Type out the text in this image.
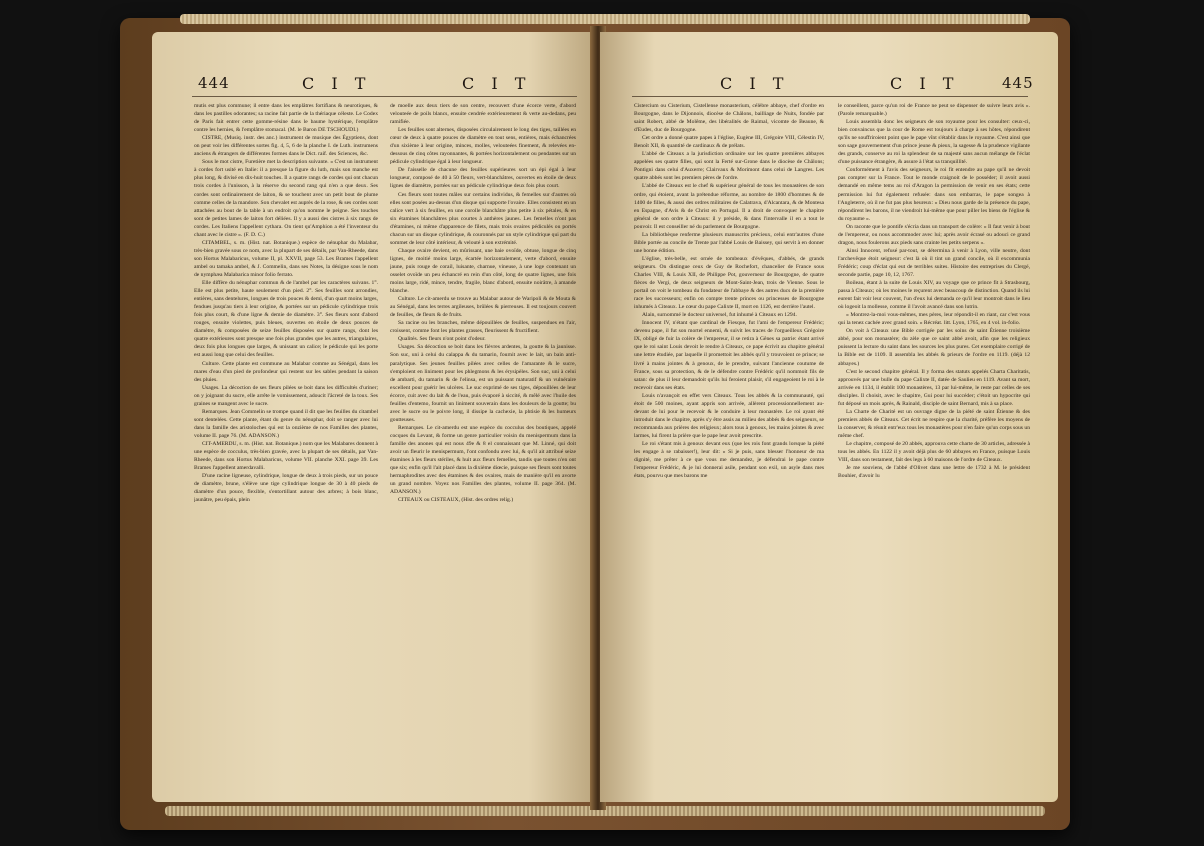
444	C I T	C I T

mutis est plus commune; il entre dans les emplâtres fortifians & neurotiques, & dans les pastilles odorantes; sa racine fait partie de la thériaque céleste. Le Codex de Paris fait entrer cette gomme-résine dans le baume hystérique, l'emplâtre contre les hernies, & l'emplâtre stomacal. (M. le Baron DE TSCHOUDI.)

CISTRE, (Musiq. instr. des anc.) instrument de musique des Égyptiens, dont on peut voir les différentes sortes fig. 4, 5, 6 de la planche I. de Luth. instrumens anciens & étrangers de différentes formes dans le Dict. raif. des Sciences, &c.

Sous le mot cistre, Furetière met la description suivante. « C'est un instrument à cordes fort usité en Italie: il a presque la figure du luth, mais son manche est plus long, & divisé en dix-huit touches. Il a quatre rangs de cordes qui ont chacun trois cordes à l'unisson, à la réserve du second rang qui n'en a que deux. Ses cordes sont ordinairement de laiton, & se touchent avec un petit bout de plume comme celles de la mandore. Son chevalet est auprès de la rose, & ses cordes sont attachées au bout de la table à un endroit qu'on nomme le peigne. Ses touches sont de petites lames de laiton fort déliées. Il y a aussi des cistres à six rangs de cordes. Les Italiens l'appellent cythara. On tient qu'Amphion a été l'inventeur du chant avec le cistre ». (F. D. C.)

CITAMBEL, s. m. (Hist. nat. Botanique.) espèce de nénuphar du Malabar, très-bien gravée sous ce nom, avec la plupart de ses détails, par Van-Rheede, dans son Hortus Malabaricus, volume II, pl. XXVII, page 53. Les Brames l'appellent ambel ou tamaka ambel, & J. Commelin, dans ses Notes, la désigne sous le nom de nymphæa Malabarica minor folio ferrato.

Elle diffère du nénuphar commun & de l'ambel par les caractères suivans. 1°. Elle est plus petite, haute seulement d'un pied. 2°. Ses feuilles sont arrondies, entières, sans dentelures, longues de trois pouces & demi, d'un quart moins larges, fendues jusqu'au tiers à leur origine, & portées sur un pédicule cylindrique trois fois plus court, & d'une ligne & demie de diamètre. 3°. Ses fleurs sont d'abord rouges, ensuite violettes, puis bleues, ouvertes en étoile de deux pouces de diamètre, & composées de seize feuilles disposées sur quatre rangs, dont les quatre extérieures sont presque une fois plus grandes que les autres, triangulaires, deux fois plus longues que larges, & unissant un calice; le pédicule qui les porte est aussi long que celui des feuilles.

Culture. Cette plante est commune au Malabar comme au Sénégal, dans les mares d'eau d'un pied de profondeur qui restent sur les sables pendant la saison des pluies.

Usages. La décoction de ses fleurs pilées se boit dans les difficultés d'uriner; on y joignant du sucre, elle arrête le vomissement, adoucit l'âcreté de la toux. Ses graines se mangent avec le sucre.

Remarques. Jean Commelin se trompe quand il dit que les feuilles du citambel sont dentelées. Cette plante, étant du genre du nénuphar, doit se ranger avec lui dans la famille des aristoloches qui est la onzième de nos Familles des plantes, volume II. page 76. (M. ADANSON.)

CIT-AMERDU, s. m. (Hist. nat. Botanique.) nom que les Malabares donnent à une espèce de cocculus, très-bien gravée, avec la plupart de ses détails, par Van-Rheede, dans son Hortus Malabaricus, volume VII. planche XXI. page 39. Les Brames l'appellent amerdavalli.

D'une racine ligneuse, cylindrique, longue de deux à trois pieds, sur un pouce de diamètre, brune, s'élève une tige cylindrique longue de 30 à 40 pieds de diamètre d'un pouce, flexible, s'entortillant autour des arbres; à bois blanc, jaunâtre, peu épais, plein

de moelle aux deux tiers de son centre, recouvert d'une écorce verte, d'abord velouteée de poils blancs, ensuite cendrée extérieurement & verte au-dedans, peu ramifiée.

Les feuilles sont alternes, disposées circulairement le long des tiges, taillées en cœur de deux à quatre pouces de diamètre en tout sens, entières, mais échancrées d'un sixième à leur origine, minces, molles, velouteées finement, & relevées en-dessous de cinq côtes rayonnantes, & portées horizontalement ou pendantes sur un pédicule cylindrique égal à leur longueur.

De l'aisselle de chacune des feuilles supérieures sort un épi égal à leur longueur, composé de 40 à 50 fleurs, vert-blanchâtres, ouvertes en étoile de deux lignes de diamètre, portées sur un pédicule cylindrique deux fois plus court.

Ces fleurs sont toutes mâles sur certains individus, & femelles sur d'autres où elles sont posées au-dessus d'un disque qui supporte l'ovaire. Elles consistent en un calice vert à six feuilles, en une corolle blanchâtre plus petite à six pétales, & en six étamines blanchâtres plus courtes à anthères jaunes. Les femelles n'ont pas d'étamines, ni même d'apparence de filets, mais trois ovaires pédiculés ou portés chacun sur un disque cylindrique, & couronnés par un style cylindrique qui part du sommet de leur côté intérieur, & velouté à son extrémité.

Chaque ovaire devient, en mûrissant, une baie ovoïde, obtuse, longue de cinq lignes, de moitié moins large, écartée horizontalement, verte d'abord, ensuite jaune, puis rouge de corail, luisante, charnue, vineuse, à une loge contenant un osselet ovoïde un peu échancré en rein d'un côté, long de quatre lignes, une fois moins large, ridé, mince, tendre, fragile, blanc d'abord, ensuite noirâtre, à amande blanche.

Culture. Le cit-amerdu se trouve au Malabar autour de Waripoli & de Mouta & au Sénégal, dans les terres argileuses, brûlées & pierreuses. Il est toujours couvert de feuilles, de fleurs & de fruits.

Sa racine ou les branches, même dépouillées de feuilles, suspendues en l'air, croissent, comme font les plantes grasses, fleurissent & fructifient.

Qualités. Ses fleurs n'ont point d'odeur.

Usages. Sa décoction se boit dans les fièvres ardentes, la goutte & la jaunisse. Son suc, uni à celui du calappa & du tamarin, fournit avec le lait, un bain anti-paralytique. Ses jeunes feuilles pilées avec celles de l'amarante & le sucre, s'emploient en liniment pour les phlegmons & les érysipèles. Son suc, uni à celui de ambarti, du tamarin & de l'elinsa, est un puissant maturatif & un vulnéraire excellent pour guérir les ulcères. Le suc exprimé de ses tiges, dépouillées de leur écorce, cuit avec du lait & de l'eau, puis évaporé à siccité, & mêlé avec l'huile des feuilles d'entemo, fournit un liniment souverain dans les douleurs de la goutte; bu avec le sucre ou le poivre long, il dissipe la cachexie, la phtisie & les humeurs goutteuses.

Remarques. Le cit-amerdu est une espèce du cocculus des boutiques, appelé cocques du Levant, & forme un genre particulier voisin du menispermum dans la famille des anones qui est nous 49e & 8 el connaissant que M. Linné, qui doit avoir un fleurir le menispermum, l'ont confondu avec lui, & qu'il ait attribué seize étamines à les fleurs stériles, & huit aux fleurs femelles, tandis que toutes n'en ont que six; enfin qu'il l'ait placé dans la dixième diœcie, puisque ses fleurs sont toutes hermaphrodites avec des étamines & des ovaires, mais de manière qu'il en avorte un grand nombre. Voyez nos Familles des plantes, volume II. page 364. (M. ADANSON.)

CITEAUX ou CISTEAUX, (Hist. des ordres relig.)

C I T	C I T	445

Cistercium ou Cisterium, Cistellense monasterium, célèbre abbaye, chef d'ordre en Bourgogne, dans le Dijonnois, diocèse de Châlons, bailliage de Nuits, fondée par saint Robert, abbé de Molême, des libéralités de Raimal, vicomte de Beaune, & d'Eudes, duc de Bourgogne.

Cet ordre a donné quatre papes à l'église, Eugène III, Grégoire VIII, Célestin IV, Benoît XII, & quantité de cardinaux & de prélats.

L'abbé de Citeaux a la jurisdiction ordinaire sur les quatre premières abbayes appelées ses quatre filles, qui sont la Ferté sur-Grone dans le diocèse de Châlons; Pontigni dans celui d'Auxerre; Clairvaux & Morimont dans celui de Langres. Les quatre abbés sont les premiers pères de l'ordre.

L'abbé de Citeaux est le chef & supérieur général de tous les monastères de son ordre, qui étoient, avant la prétendue réforme, au nombre de 1800 d'hommes & de 1400 de filles, & aussi des ordres militaires de Calatrava, d'Alcantara, & de Montesa en Espagne, d'Avis & de Christ en Portugal. Il a droit de convoquer le chapitre général de son ordre à Citeaux: il y préside, & dans l'intervalle il en a tout le pouvoir. Il est conseiller né du parlement de Bourgogne.

La bibliothèque renferme plusieurs manuscrits précieux, celui entr'autres d'une Bible portée au concile de Trente par l'abbé Louis de Baissey, qui servit à en donner une bonne édition.

L'église, très-belle, est ornée de tombeaux d'évêques, d'abbés, de grands seigneurs. On distingue ceux de Guy de Rochefort, chancelier de France sous Charles VIII, & Louis XII, de Philippe Pot, gouverneur de Bourgogne, de quatre fièces de Vergi, de deux seigneurs de Mont-Saint-Jean, trois de Vienne. Sous le portail on voit le tombeau du fondateur de l'abbaye & des autres ducs de la première race les successeurs; enfin on compte trente princes ou princesses de Bourgogne inhumés à Citeaux. Le cœur du pape Calixte II, mort en 1126, est derrière l'autel.

Alain, surnommé le docteur universel, fut inhumé à Citeaux en 1294.

Innocent IV, n'étant que cardinal de Fiesque, fut l'ami de l'empereur Frédéric; devenu pape, il fut son mortel ennemi, & suivit les traces de l'orgueilleux Grégoire IX, obligé de fuir la colère de l'empereur, il se retira à Gênes sa patrie: étant arrivé que le roi saint Louis devoit le rendre à Citeaux, ce pape écrivit au chapitre général une lettre étudiée, par laquelle il promettoit les abbés qu'il y trouvoient ce prince; se livré à mains jointes & à genoux, de le prendre, suivant l'ancienne coutume de France, sous sa protection, & de le défendre contre Frédéric qu'il nommoit fils de satan: de plus il leur demandoit qu'ils lui feroient plaisir, s'il engageoient le roi à le recevoir dans ses états.

Louis n'avançoit en effet vers Citeaux. Tous les abbés & la communauté, qui étoit de 500 moines, ayant appris son arrivée, allèrent processionnellement au-devant de lui pour le recevoir & le conduire à leur monastère. Le roi ayant été introduit dans le chapitre, après s'y être assis au milieu des abbés & des seigneurs, se recommanda aux prières des religieux; alors tous à genoux, les mains jointes & avec larmes, lui firent la prière que le pape leur avoit prescrite.

Le roi s'étant mis à genoux devant eux (que les rois font grands lorsque la piété les engage à se rabaisser!), leur dit: « Si je puis, sans blesser l'honneur de ma dignité, me prêter à ce que vous me demandez, je défendrai le pape contre l'empereur Frédéric, & je lui donnerai asile, pendant son exil, un asyle dans mes états, pourvu que mes barons me

le conseillent, parce qu'un roi de France ne peut se dispenser de suivre leurs avis ». (Parole remarquable.)

Louis assembla donc les seigneurs de son royaume pour les consulter: ceux-ci, bien convaincus que la cour de Rome est toujours à charge à ses hôtes, répondirent qu'ils ne souffriroient point que le pape vînt s'établir dans le royaume. C'est ainsi que son sage gouvernement d'un prince jeune & pieux, la sagesse & la prudence vigilante des grands, conserve au roi la splendeur de sa majesté sans aucun mélange de l'éclat d'une puissance étrangère, & assure à l'état sa tranquillité.

Conformément à l'avis des seigneurs, le roi fit entendre au pape qu'il ne devoit pas compter sur la France. Tout le monde craignoit de le posséder; il avoit aussi demandé en même tems au roi d'Aragon la permission de venir en ses états; cette permission lui fut également refusée: dans son embarras, le pape songea à l'Angleterre, où il ne fut pas plus heureux: « Dieu nous garde de la présence du pape, répondirent les barons, il ne viendroit lui-même que pour piller les biens de l'église & du royaume ».

On raconte que le pontife s'écria dans un transport de colère: « Il faut venir à bout de l'empereur, ou nous accommoder avec lui; après avoir écrasé ou adouci ce grand dragon, nous foulerons aux pieds sans crainte les petits serpens ».

Ainsi Innocent, refusé par-tout, se détermina à venir à Lyon, ville neutre, dont l'archevêque étoit seigneur: c'est là où il tint un grand concile, où il excommunia Frédéric; coup d'éclat qui eut de terribles suites. Histoire des entreprises du Clergé, seconde partie, page 10, 12, 1767.

Boileau, étant à la suite de Louis XIV, au voyage que ce prince fit à Strasbourg, passa à Citeaux; où les moines le reçurent avec beaucoup de distinction. Quand ils lui eurent fait voir leur couvent, l'un d'eux lui demanda ce qu'il leur montroit dans le lieu où logeoit la mollesse, comme il l'avoit avancé dans son lutrin.

« Montrez-la-moi vous-mêmes, mes pères, leur répondit-il en riant, car c'est vous qui la tenez cachée avec grand soin. » Récréat. litt. Lyon, 1765, en 4 vol. in-folio.

On voit à Citeaux une Bible corrigée par les soins de saint Étienne troisième abbé, pour son monastère; du zèle que ce saint abbé avoit, afin que les religieux puissent la lecture du saint dans les sources les plus pures. Cet exemplaire corrigé de la Bible est de 1109. Il assembla les abbés & prieurs de l'ordre en 1119. (déjà 12 abbayes.)

C'est le second chapitre général. Il y forma des statuts appelés Charta Charitatis, approuvés par une bulle du pape Calixte II, datée de Saulieu en 1119. Avant sa mort, arrivée en 1134, il établit 100 monastères, 13 par lui-même, le reste par celles de ses disciples. Il choisit, avec le chapitre, Gui pour lui succéder; c'étoit un hypocrite qui fut déposé un mois après, & Rainald, disciple de saint Bernard, mis à sa place.

La Charte de Charité est un ouvrage digne de la piété de saint Étienne & des premiers abbés de Citeaux. Cet écrit ne respire que la charité, préfère les moyens de la conserver, & réunit entr'eux tous les monastères pour n'en faire qu'un corps sous un même chef.

Le chapitre, composé de 20 abbés, approuva cette charte de 30 articles, adressée à tous les abbés. En 1122 il y avoit déjà plus de 60 abbayes en France, puisque Louis VIII, dans son testament, fait des legs à 60 maisons de l'ordre de Citeaux.

Je me souviens, de l'abbé d'Olivet dans une lettre de 1732 à M. le président Bouhier, d'avoir lu
